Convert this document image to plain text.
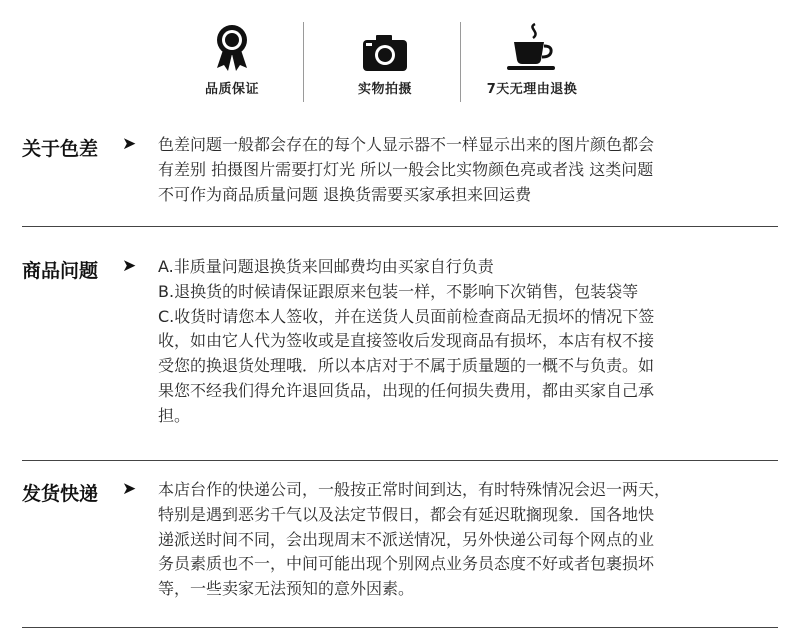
品质保证	实物拍摄	7天无理由退换
关于色差 ➤ 色差问题一般都会存在的每个人显示器不一样显示出来的图片颜色都会
有差别 拍摄图片需要打灯光 所以一般会比实物颜色亮或者浅 这类问题
不可作为商品质量问题 退换货需要买家承担来回运费
商品问题 ➤ A.非质量问题退换货来回邮费均由买家自行负责
B.退换货的时候请保证跟原来包装一样，不影响下次销售，包装袋等
C.收货时请您本人签收，并在送货人员面前检查商品无损坏的情况下签
收，如由它人代为签收或是直接签收后发现商品有损坏，本店有权不接
受您的换退货处理哦．所以本店对于不属于质量题的一概不与负责。如
果您不经我们得允许退回货品，出现的任何损失费用，都由买家自己承
担。
发货快递 ➤ 本店台作的快递公司，一般按正常时间到达，有时特殊情况会迟一两天，
特别是遇到恶劣千气以及法定节假日，都会有延迟耽搁现象．国各地快
递派送时间不同，会出现周末不派送情况，另外快递公司每个网点的业
务员素质也不一，中间可能出现个别网点业务员态度不好或者包裹损坏
等，一些卖家无法预知的意外因素。
